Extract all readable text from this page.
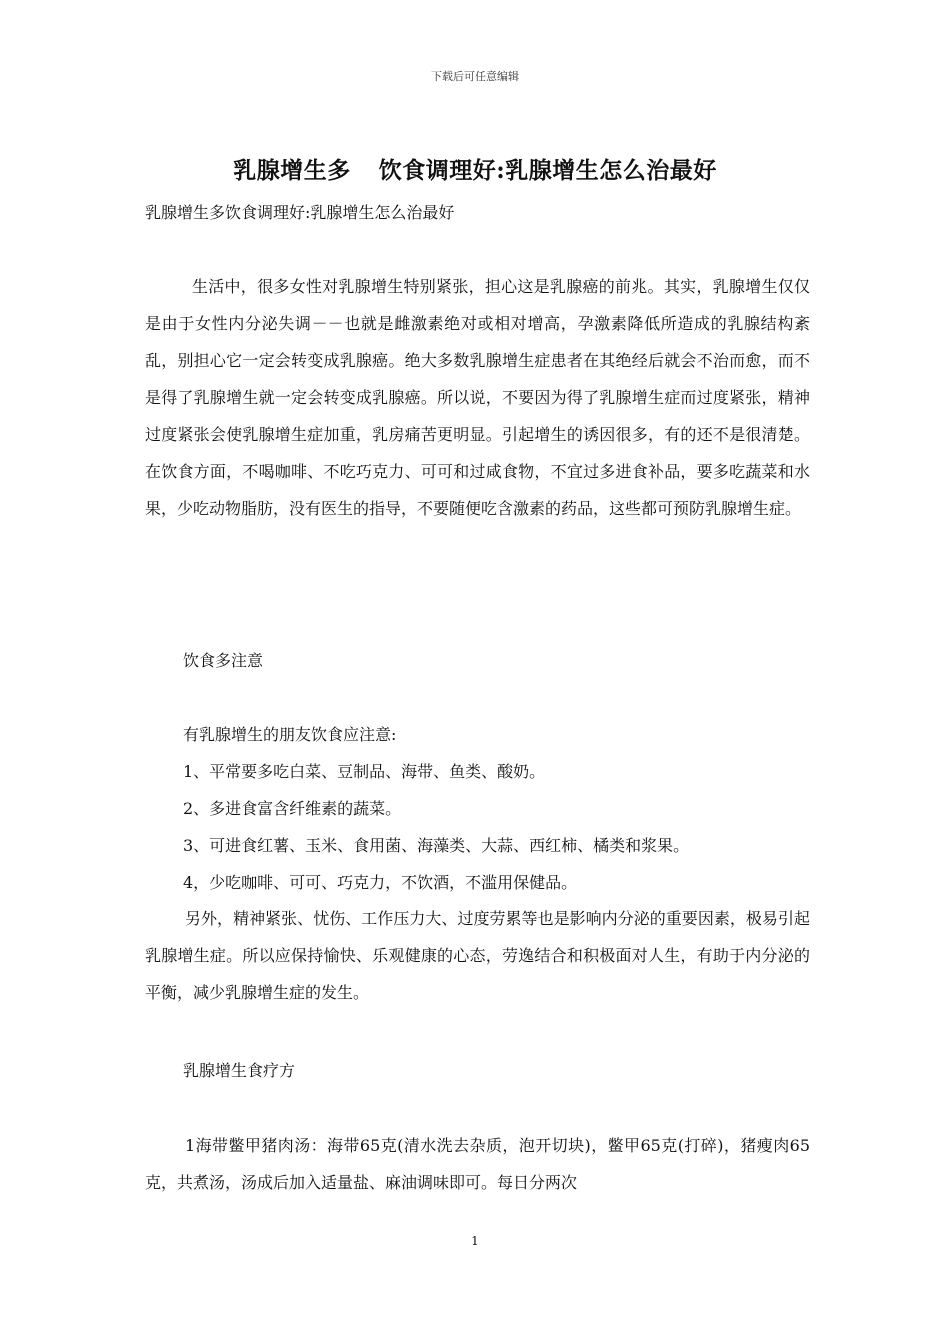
下载后可任意编辑
乳腺增生多 饮食调理好:乳腺增生怎么治最好
乳腺增生多饮食调理好:乳腺增生怎么治最好

生活中，很多女性对乳腺增生特别紧张，担心这是乳腺癌的前兆。其实，乳腺增生仅仅是由于女性内分泌失调－－也就是雌激素绝对或相对增高，孕激素降低所造成的乳腺结构紊乱，别担心它一定会转变成乳腺癌。绝大多数乳腺增生症患者在其绝经后就会不治而愈，而不是得了乳腺增生就一定会转变成乳腺癌。所以说，不要因为得了乳腺增生症而过度紧张，精神过度紧张会使乳腺增生症加重，乳房痛苦更明显。引起增生的诱因很多，有的还不是很清楚。在饮食方面，不喝咖啡、不吃巧克力、可可和过咸食物，不宜过多进食补品，要多吃蔬菜和水果，少吃动物脂肪，没有医生的指导，不要随便吃含激素的药品，这些都可预防乳腺增生症。

饮食多注意
有乳腺增生的朋友饮食应注意:
1、平常要多吃白菜、豆制品、海带、鱼类、酸奶。
2、多进食富含纤维素的蔬菜。
3、可进食红薯、玉米、食用菌、海藻类、大蒜、西红柿、橘类和浆果。
4，少吃咖啡、可可、巧克力，不饮酒，不滥用保健品。

另外，精神紧张、忧伤、工作压力大、过度劳累等也是影响内分泌的重要因素，极易引起乳腺增生症。所以应保持愉快、乐观健康的心态，劳逸结合和积极面对人生，有助于内分泌的平衡，减少乳腺增生症的发生。

乳腺增生食疗方

1海带鳖甲猪肉汤：海带65克(清水洗去杂质，泡开切块)，鳖甲65克(打碎)，猪瘦肉65克，共煮汤，汤成后加入适量盐、麻油调味即可。每日分两次

1
